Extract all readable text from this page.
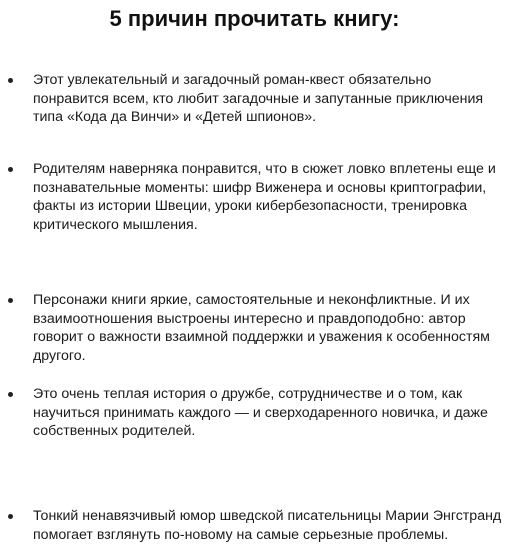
5 причин прочитать книгу:
Этот увлекательный и загадочный роман-квест обязательно понравится всем, кто любит загадочные и запутанные приключения типа «Кода да Винчи» и «Детей шпионов».
Родителям наверняка понравится, что в сюжет ловко вплетены еще и познавательные моменты: шифр Виженера и основы криптографии, факты из истории Швеции, уроки кибербезопасности, тренировка критического мышления.
Персонажи книги яркие, самостоятельные и неконфликтные. И их взаимоотношения выстроены интересно и правдоподобно: автор говорит о важности взаимной поддержки и уважения к особенностям другого.
Это очень теплая история о дружбе, сотрудничестве и о том, как научиться принимать каждого — и сверходаренного новичка, и даже собственных родителей.
Тонкий ненавязчивый юмор шведской писательницы Марии Энгстранд помогает взглянуть по-новому на самые серьезные проблемы.
